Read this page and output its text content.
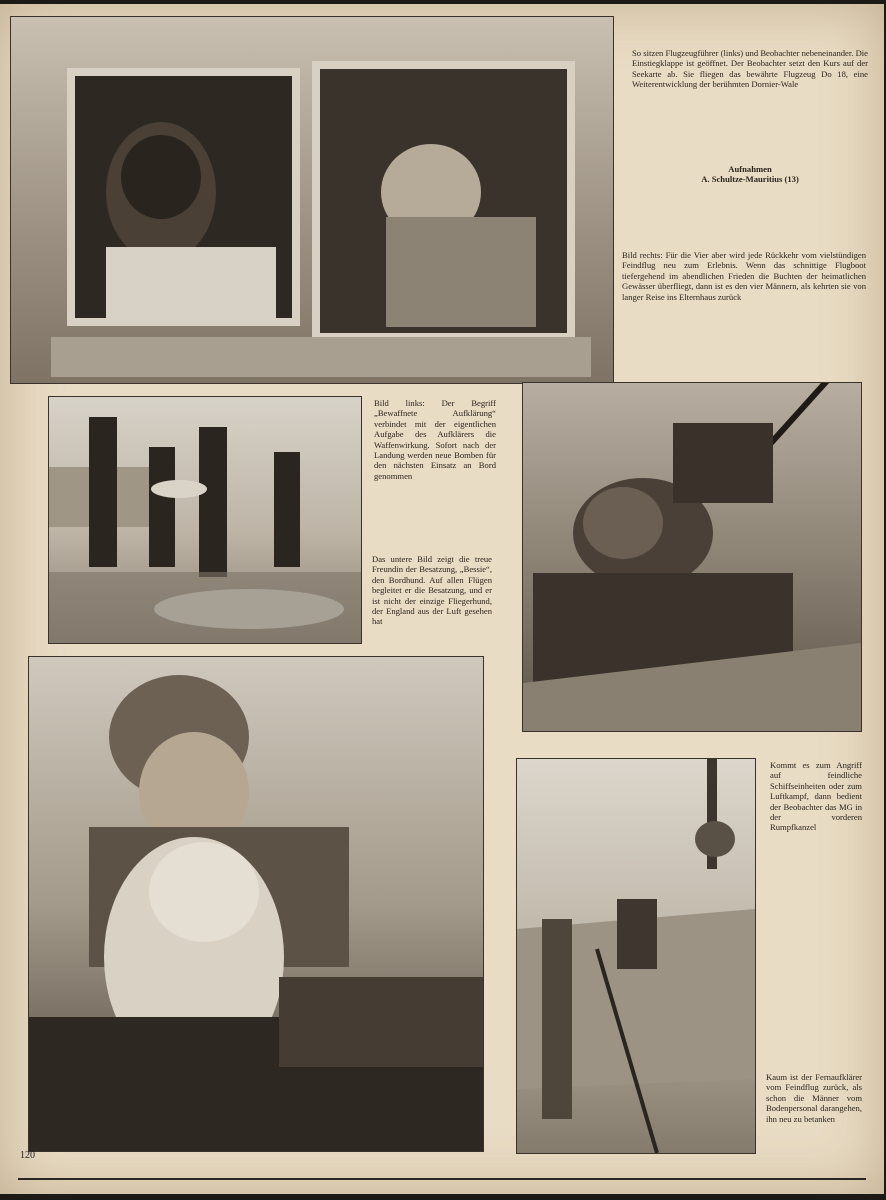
So sitzen Flugzeugführer (links) und Beobachter nebeneinander. Die Einstiegklappe ist geöffnet. Der Beobachter setzt den Kurs auf der Seekarte ab. Sie fliegen das bewährte Flugzeug Do 18, eine Weiterentwicklung der berühmten Dornier-Wale

Aufnahmen

A. Schultze-Mauritius (13)

Bild rechts: Für die Vier aber wird jede Rückkehr vom vielstündigen Feindflug neu zum Erlebnis. Wenn das schnittige Flugboot tiefergehend im abendlichen Frieden die Buchten der heimatlichen Gewässer überfliegt, dann ist es den vier Männern, als kehrten sie von langer Reise ins Elternhaus zurück

Bild links: Der Begriff „Bewaffnete Aufklärung“ verbindet mit der eigentlichen Aufgabe des Aufklärers die Waffenwirkung. Sofort nach der Landung werden neue Bomben für den nächsten Einsatz an Bord genommen

Das untere Bild zeigt die treue Freundin der Besatzung, „Bessie“, den Bordhund. Auf allen Flügen begleitet er die Besatzung, und er ist nicht der einzige Fliegerhund, der England aus der Luft gesehen hat

Kommt es zum Angriff auf feindliche Schiffseinheiten oder zum Luftkampf, dann bedient der Beobachter das MG in der vorderen Rumpfkanzel

Kaum ist der Fernaufklärer vom Feindflug zurück, als schon die Männer vom Bodenpersonal darangehen, ihn neu zu betanken

120
